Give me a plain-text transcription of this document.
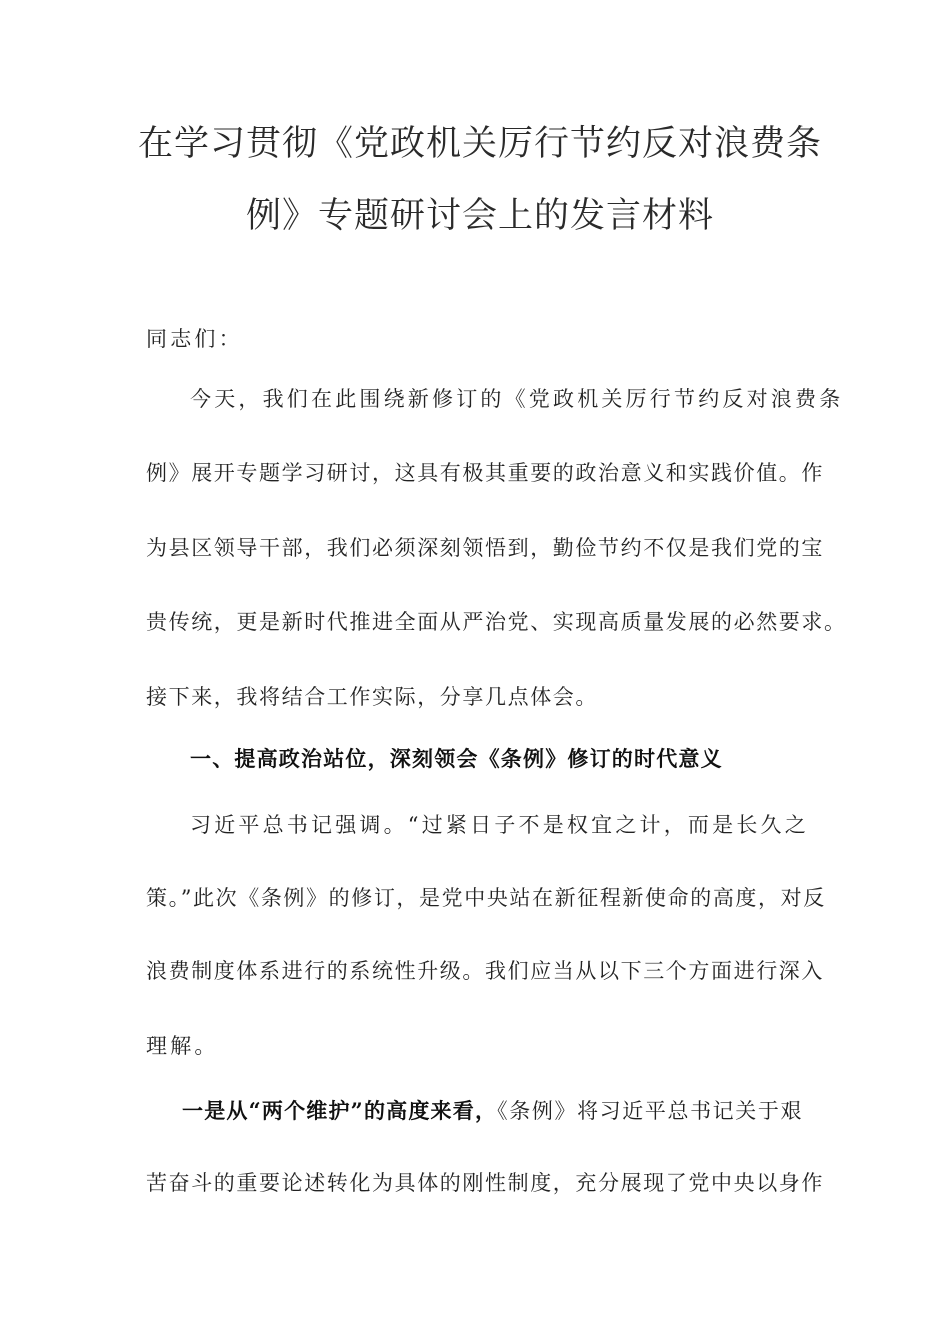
在学习贯彻《党政机关厉行节约反对浪费条
例》专题研讨会上的发言材料
同志们：
今天，我们在此围绕新修订的《党政机关厉行节约反对浪费条
例》展开专题学习研讨，这具有极其重要的政治意义和实践价值。作
为县区领导干部，我们必须深刻领悟到，勤俭节约不仅是我们党的宝
贵传统，更是新时代推进全面从严治党、实现高质量发展的必然要求。
接下来，我将结合工作实际，分享几点体会。
一、提高政治站位，深刻领会《条例》修订的时代意义
习近平总书记强调。“过紧日子不是权宜之计，而是长久之
策。”此次《条例》的修订，是党中央站在新征程新使命的高度，对反
浪费制度体系进行的系统性升级。我们应当从以下三个方面进行深入
理解。
一是从“两个维护”的高度来看，《条例》将习近平总书记关于艰
苦奋斗的重要论述转化为具体的刚性制度，充分展现了党中央以身作
